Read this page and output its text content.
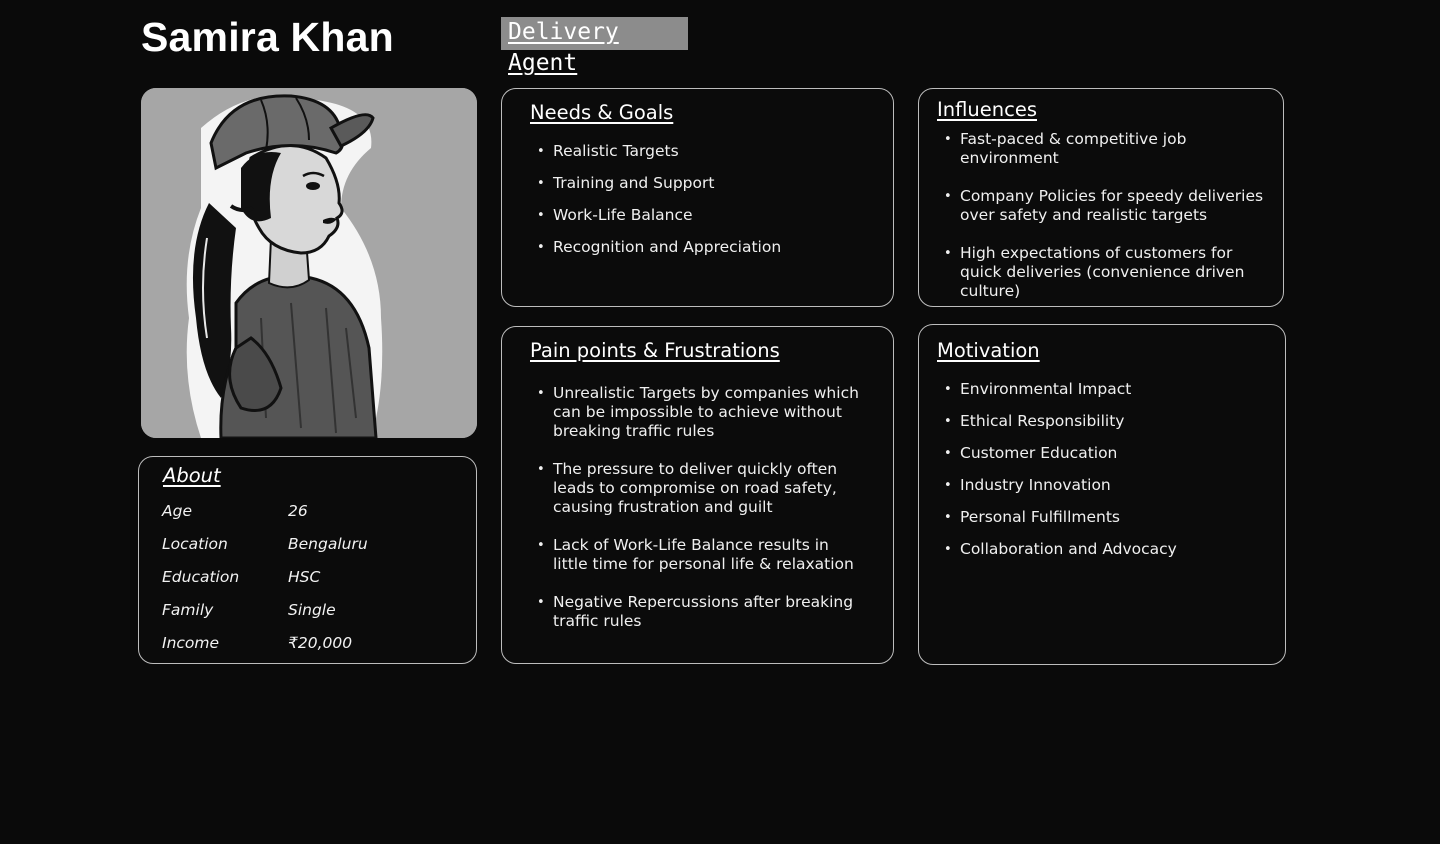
Samira Khan	Delivery Agent
About
Age	26
Location	Bengaluru
Education	HSC
Family	Single
Income	₹20,000
Needs & Goals
• Realistic Targets
• Training and Support
• Work-Life Balance
• Recognition and Appreciation
Influences
• Fast-paced & competitive job environment
• Company Policies for speedy deliveries over safety and realistic targets
• High expectations of customers for quick deliveries (convenience driven culture)
Pain points & Frustrations
• Unrealistic Targets by companies which can be impossible to achieve without breaking traffic rules
• The pressure to deliver quickly often leads to compromise on road safety, causing frustration and guilt
• Lack of Work-Life Balance results in little time for personal life & relaxation
• Negative Repercussions after breaking traffic rules
Motivation
• Environmental Impact
• Ethical Responsibility
• Customer Education
• Industry Innovation
• Personal Fulfillments
• Collaboration and Advocacy
